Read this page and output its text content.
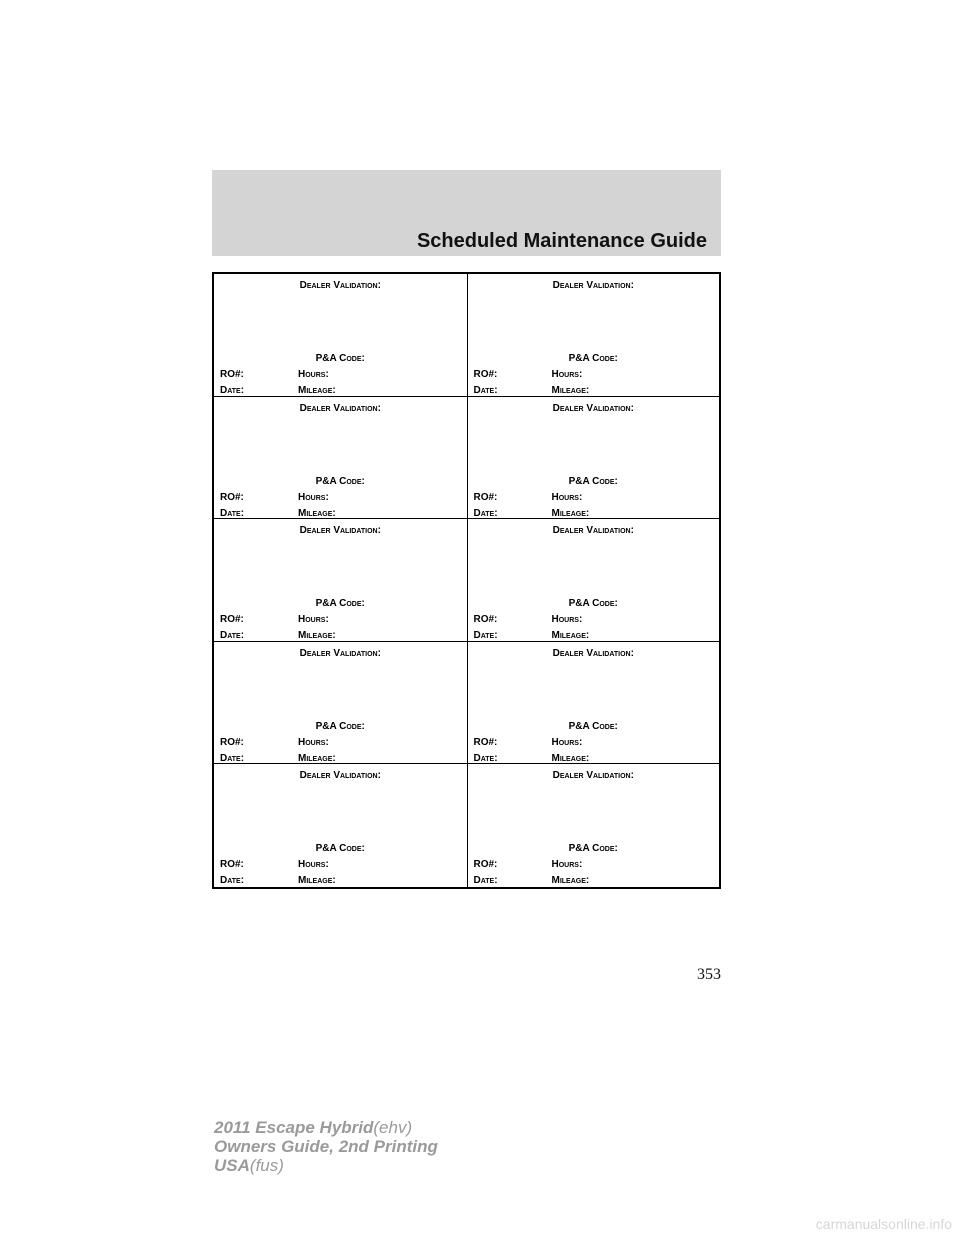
Scheduled Maintenance Guide
Dealer Validation:
P&A Code:
RO#:	Hours:
Date:	Mileage:
Dealer Validation:
P&A Code:
RO#:	Hours:
Date:	Mileage:
Dealer Validation:
P&A Code:
RO#:	Hours:
Date:	Mileage:
Dealer Validation:
P&A Code:
RO#:	Hours:
Date:	Mileage:
Dealer Validation:
P&A Code:
RO#:	Hours:
Date:	Mileage:
Dealer Validation:
P&A Code:
RO#:	Hours:
Date:	Mileage:
Dealer Validation:
P&A Code:
RO#:	Hours:
Date:	Mileage:
Dealer Validation:
P&A Code:
RO#:	Hours:
Date:	Mileage:
Dealer Validation:
P&A Code:
RO#:	Hours:
Date:	Mileage:
Dealer Validation:
P&A Code:
RO#:	Hours:
Date:	Mileage:
353
2011 Escape Hybrid(ehv)
Owners Guide, 2nd Printing
USA(fus)
carmanualsonline.info
